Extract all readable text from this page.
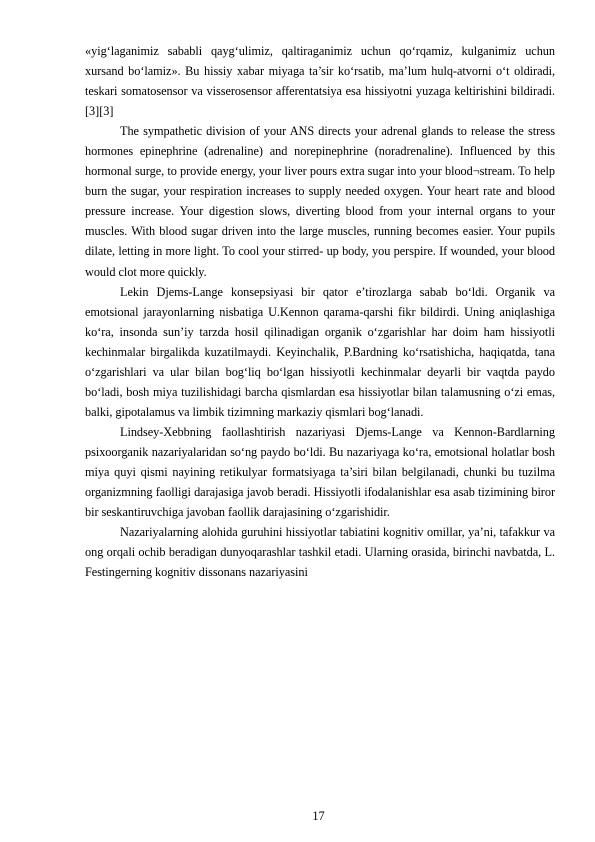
«yig‘laganimiz sababli qayg‘ulimiz, qaltiraganimiz uchun qo‘rqamiz, kulganimiz uchun xursand bo‘lamiz». Bu hissiy xabar miyaga ta’sir ko‘rsatib, ma’lum hulq-atvorni o‘t oldiradi, teskari somatosensor va visserosensor afferentatsiya esa hissiyotni yuzaga keltirishini bildiradi.[3][3]

The sympathetic division of your ANS directs your adrenal glands to release the stress hormones epinephrine (adrenaline) and norepinephrine (noradrenaline). Influenced by this hormonal surge, to provide energy, your liver pours extra sugar into your blood¬stream. To help burn the sugar, your respiration increases to supply needed oxygen. Your heart rate and blood pressure increase. Your digestion slows, diverting blood from your internal organs to your muscles. With blood sugar driven into the large muscles, running becomes easier. Your pupils dilate, letting in more light. To cool your stirred- up body, you perspire. If wounded, your blood would clot more quickly.

Lekin Djems-Lange konsepsiyasi bir qator e’tirozlarga sabab bo‘ldi. Organik va emotsional jarayonlarning nisbatiga U.Kennon qarama-qarshi fikr bildirdi. Uning aniqlashiga ko‘ra, insonda sun’iy tarzda hosil qilinadigan organik o‘zgarishlar har doim ham hissiyotli kechinmalar birgalikda kuzatilmaydi. Keyinchalik, P.Bardning ko‘rsatishicha, haqiqatda, tana o‘zgarishlari va ular bilan bog‘liq bo‘lgan hissiyotli kechinmalar deyarli bir vaqtda paydo bo‘ladi, bosh miya tuzilishidagi barcha qismlardan esa hissiyotlar bilan talamusning o‘zi emas, balki, gipotalamus va limbik tizimning markaziy qismlari bog‘lanadi.

Lindsey-Xebbning faollashtirish nazariyasi Djems-Lange va Kennon-Bardlarning psixoorganik nazariyalaridan so‘ng paydo bo‘ldi. Bu nazariyaga ko‘ra, emotsional holatlar bosh miya quyi qismi nayining retikulyar formatsiyaga ta’siri bilan belgilanadi, chunki bu tuzilma organizmning faolligi darajasiga javob beradi. Hissiyotli ifodalanishlar esa asab tizimining biror bir seskantiruvchiga javoban faollik darajasining o‘zgarishidir.

Nazariyalarning alohida guruhini hissiyotlar tabiatini kognitiv omillar, ya’ni, tafakkur va ong orqali ochib beradigan dunyoqarashlar tashkil etadi. Ularning orasida, birinchi navbatda, L. Festingerning kognitiv dissonans nazariyasini

17
